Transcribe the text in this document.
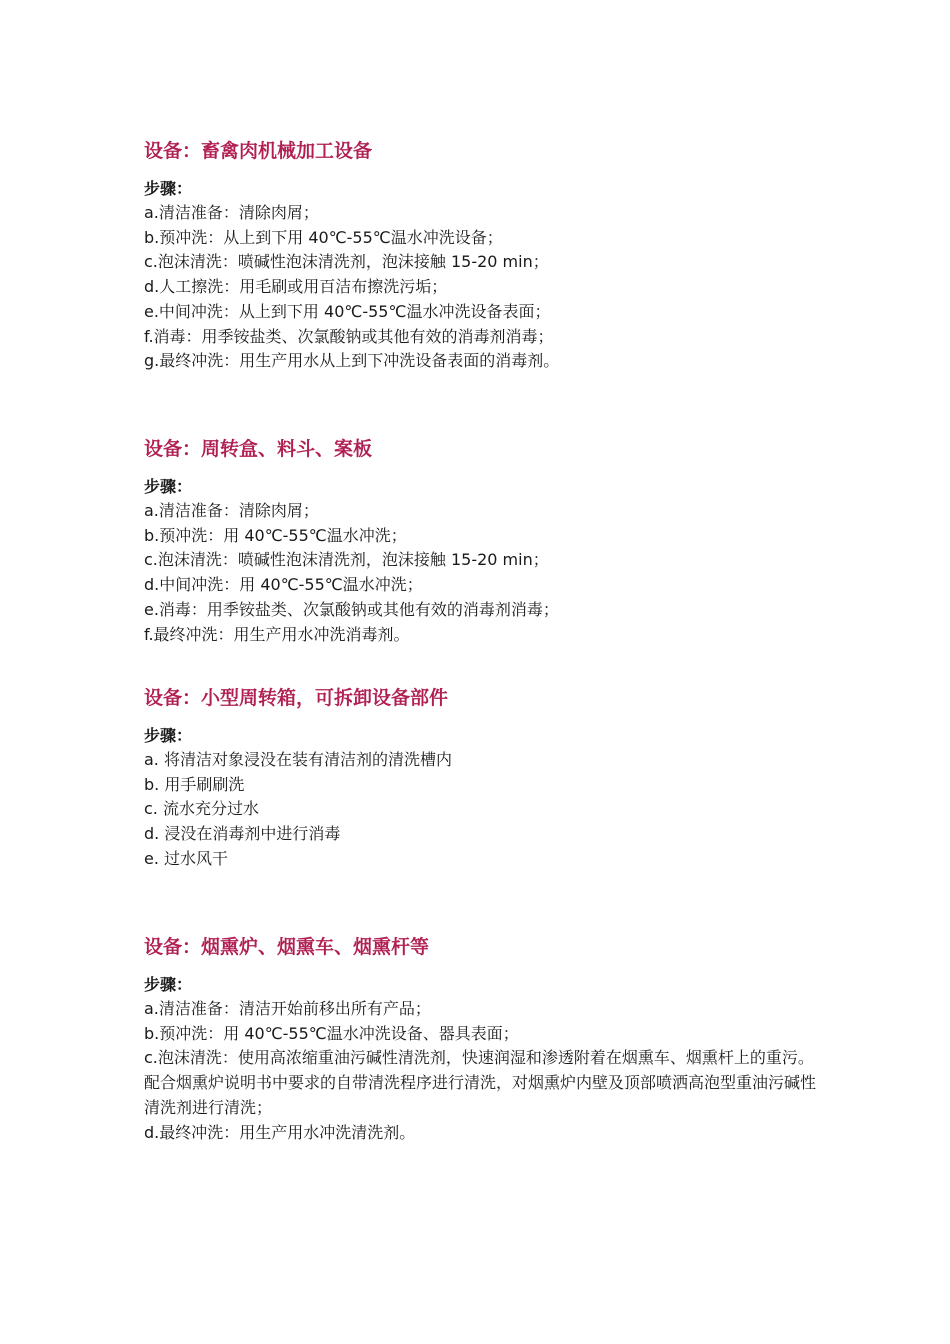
设备：畜禽肉机械加工设备
步骤：

a.清洁准备：清除肉屑；

b.预冲洗：从上到下用 40℃-55℃温水冲洗设备；

c.泡沫清洗：喷碱性泡沫清洗剂，泡沫接触 15-20 min；

d.人工擦洗：用毛刷或用百洁布擦洗污垢；

e.中间冲洗：从上到下用 40℃-55℃温水冲洗设备表面；

f.消毒：用季铵盐类、次氯酸钠或其他有效的消毒剂消毒；

g.最终冲洗：用生产用水从上到下冲洗设备表面的消毒剂。

设备：周转盒、料斗、案板
步骤：

a.清洁准备：清除肉屑；

b.预冲洗：用 40℃-55℃温水冲洗；

c.泡沫清洗：喷碱性泡沫清洗剂，泡沫接触 15-20 min；

d.中间冲洗：用 40℃-55℃温水冲洗；

e.消毒：用季铵盐类、次氯酸钠或其他有效的消毒剂消毒；

f.最终冲洗：用生产用水冲洗消毒剂。

设备：小型周转箱，可拆卸设备部件
步骤：

a. 将清洁对象浸没在装有清洁剂的清洗槽内

b. 用手刷刷洗

c. 流水充分过水

d. 浸没在消毒剂中进行消毒

e. 过水风干

设备：烟熏炉、烟熏车、烟熏杆等
步骤：

a.清洁准备：清洁开始前移出所有产品；

b.预冲洗：用 40℃-55℃温水冲洗设备、器具表面；

c.泡沫清洗：使用高浓缩重油污碱性清洗剂，快速润湿和渗透附着在烟熏车、烟熏杆上的重污。配合烟熏炉说明书中要求的自带清洗程序进行清洗，对烟熏炉内壁及顶部喷洒高泡型重油污碱性清洗剂进行清洗；

d.最终冲洗：用生产用水冲洗清洗剂。
